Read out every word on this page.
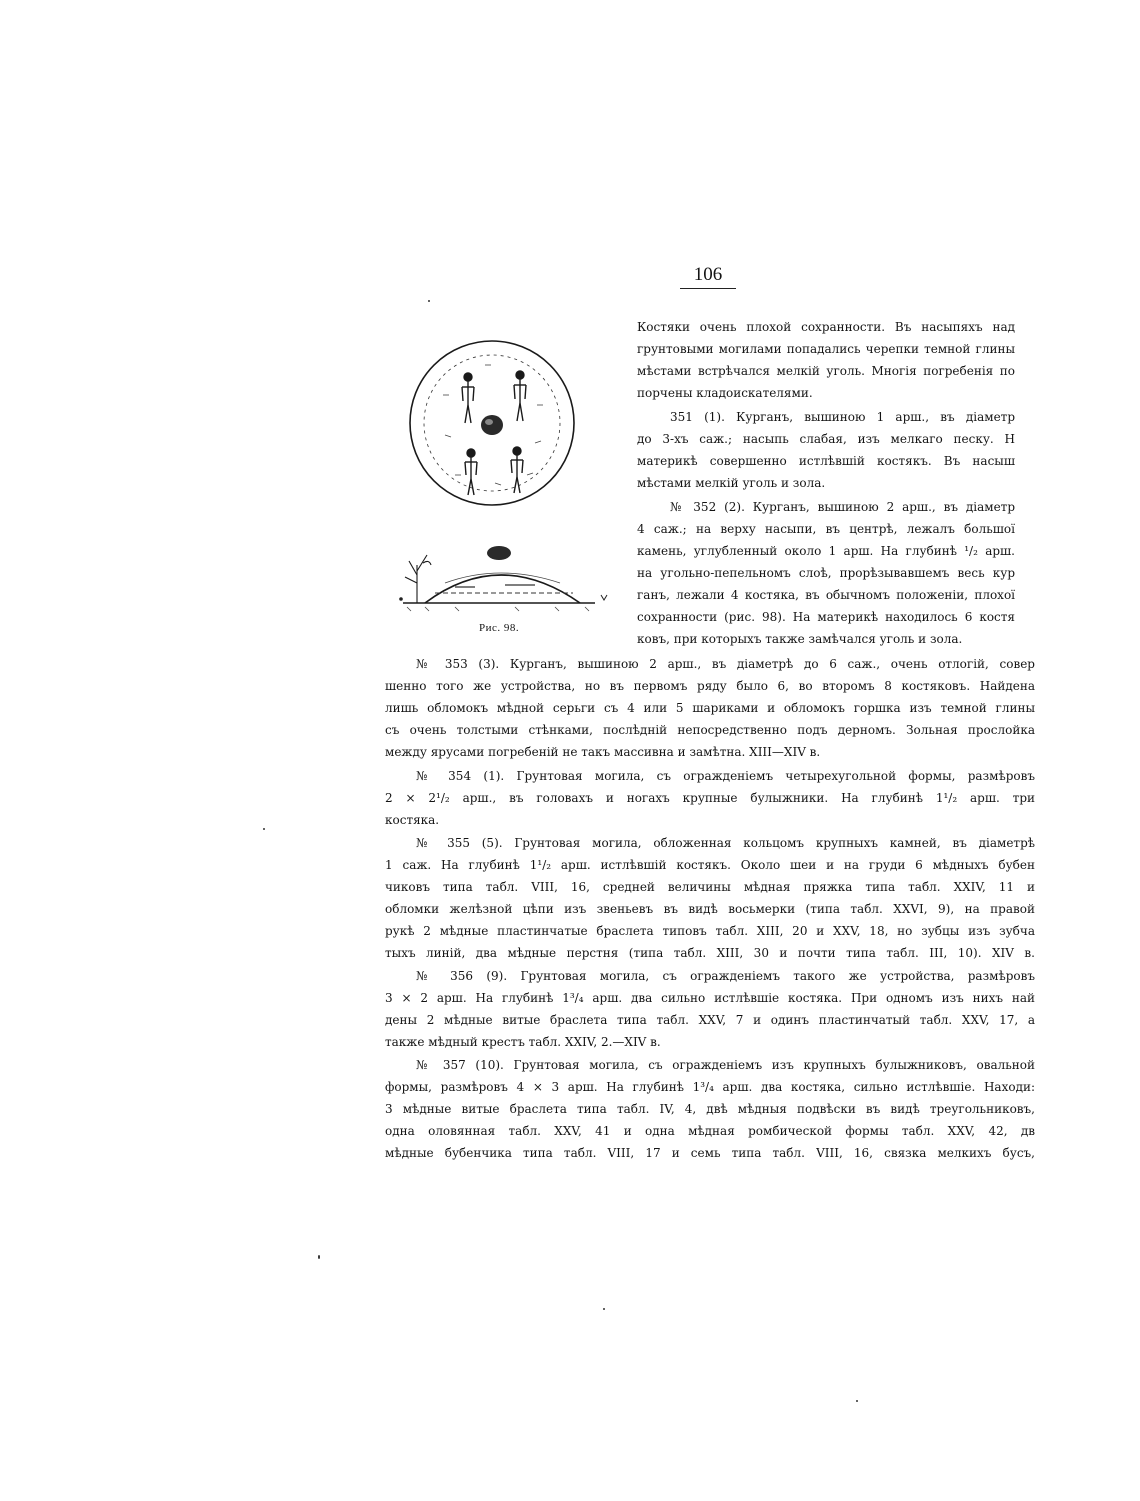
106
Рис. 98.
Костяки очень плохой сохранности. Въ насыпяхъ над
грунтовыми могилами попадались черепки темной глины
мѣстами встрѣчался мелкій уголь. Многія погребенія по
порчены кладоискателями.
351 (1). Курганъ, вышиною 1 арш., въ діаметр
до 3-хъ саж.; насыпь слабая, изъ мелкаго песку. Н
материкѣ совершенно истлѣвшій костякъ. Въ насыш
мѣстами мелкій уголь и зола.
№ 352 (2). Курганъ, вышиною 2 арш., въ діаметр
4 саж.; на верху насыпи, въ центрѣ, лежалъ большої
камень, углубленный около 1 арш. На глубинѣ ¹/₂ арш.
на угольно-пепельномъ слоѣ, прорѣзывавшемъ весь кур
ганъ, лежали 4 костяка, въ обычномъ положеніи, плохої
сохранности (рис. 98). На материкѣ находилось 6 костя
ковъ, при которыхъ также замѣчался уголь и зола.
№ 353 (3). Курганъ, вышиною 2 арш., въ діаметрѣ до 6 саж., очень отлогій, совер
шенно того же устройства, но въ первомъ ряду было 6, во второмъ 8 костяковъ. Найдена
лишь обломокъ мѣдной серьги съ 4 или 5 шариками и обломокъ горшка изъ темной глины
съ очень толстыми стѣнками, послѣдній непосредственно подъ дерномъ. Зольная прослойка
между ярусами погребеній не такъ массивна и замѣтна. XIII—XIV в.
№ 354 (1). Грунтовая могила, съ огражденіемъ четырехугольной формы, размѣровъ
2 × 2¹/₂ арш., въ головахъ и ногахъ крупные булыжники. На глубинѣ 1¹/₂ арш. три
костяка.
№ 355 (5). Грунтовая могила, обложенная кольцомъ крупныхъ камней, въ діаметрѣ
1 саж. На глубинѣ 1¹/₂ арш. истлѣвшій костякъ. Около шеи и на груди 6 мѣдныхъ бубен
чиковъ типа табл. VIII, 16, средней величины мѣдная пряжка типа табл. XXIV, 11 и
обломки желѣзной цѣпи изъ звеньевъ въ видѣ восьмерки (типа табл. XXVI, 9), на правой
рукѣ 2 мѣдные пластинчатые браслета типовъ табл. XIII, 20 и XXV, 18, но зубцы изъ зубча
тыхъ линій, два мѣдные перстня (типа табл. XIII, 30 и почти типа табл. III, 10). XIV в.
№ 356 (9). Грунтовая могила, съ огражденіемъ такого же устройства, размѣровъ
3 × 2 арш. На глубинѣ 1³/₄ арш. два сильно истлѣвшіе костяка. При одномъ изъ нихъ най
дены 2 мѣдные витые браслета типа табл. XXV, 7 и одинъ пластинчатый табл. XXV, 17, а
также мѣдный крестъ табл. XXIV, 2.—XIV в.
№ 357 (10). Грунтовая могила, съ огражденіемъ изъ крупныхъ булыжниковъ, овальной
формы, размѣровъ 4 × 3 арш. На глубинѣ 1³/₄ арш. два костяка, сильно истлѣвшіе. Находи:
3 мѣдные витые браслета типа табл. IV, 4, двѣ мѣдныя подвѣски въ видѣ треугольниковъ,
одна оловянная табл. XXV, 41 и одна мѣдная ромбической формы табл. XXV, 42, дв
мѣдные бубенчика типа табл. VIII, 17 и семь типа табл. VIII, 16, связка мелкихъ бусъ,
